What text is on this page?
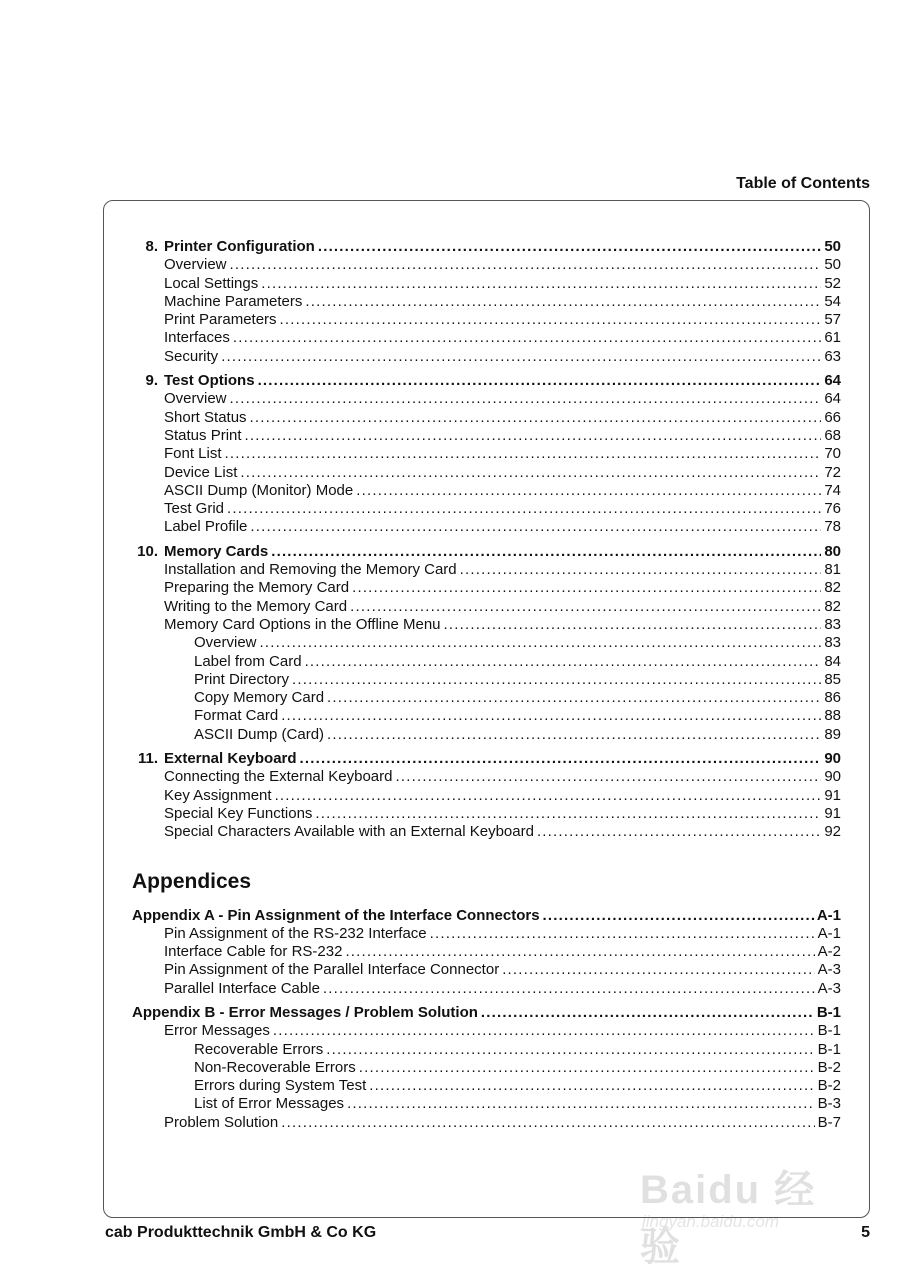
Table of Contents
8. Printer Configuration .....	50
Overview .....	50
Local Settings .....	52
Machine Parameters .....	54
Print Parameters .....	57
Interfaces .....	61
Security .....	63
9. Test Options .....	64
Overview .....	64
Short Status .....	66
Status Print .....	68
Font List .....	70
Device List .....	72
ASCII Dump (Monitor) Mode .....	74
Test Grid .....	76
Label Profile .....	78
10. Memory Cards .....	80
Installation and Removing the Memory Card .....	81
Preparing the Memory Card .....	82
Writing to the Memory Card .....	82
Memory Card Options in the Offline Menu .....	83
Overview .....	83
Label from Card .....	84
Print Directory .....	85
Copy Memory Card .....	86
Format Card .....	88
ASCII Dump (Card) .....	89
11. External Keyboard .....	90
Connecting the External Keyboard .....	90
Key Assignment .....	91
Special Key Functions .....	91
Special Characters Available with an External Keyboard .....	92
Appendices
Appendix A - Pin Assignment of the Interface Connectors .....	A-1
Pin Assignment of the RS-232 Interface .....	A-1
Interface Cable for RS-232 .....	A-2
Pin Assignment of the Parallel Interface Connector .....	A-3
Parallel Interface Cable .....	A-3
Appendix B - Error Messages / Problem Solution .....	B-1
Error Messages .....	B-1
Recoverable Errors .....	B-1
Non-Recoverable Errors .....	B-2
Errors during System Test .....	B-2
List of Error Messages .....	B-3
Problem Solution .....	B-7
cab Produkttechnik GmbH & Co KG	5
Baidu 经验
jingyan.baidu.com
